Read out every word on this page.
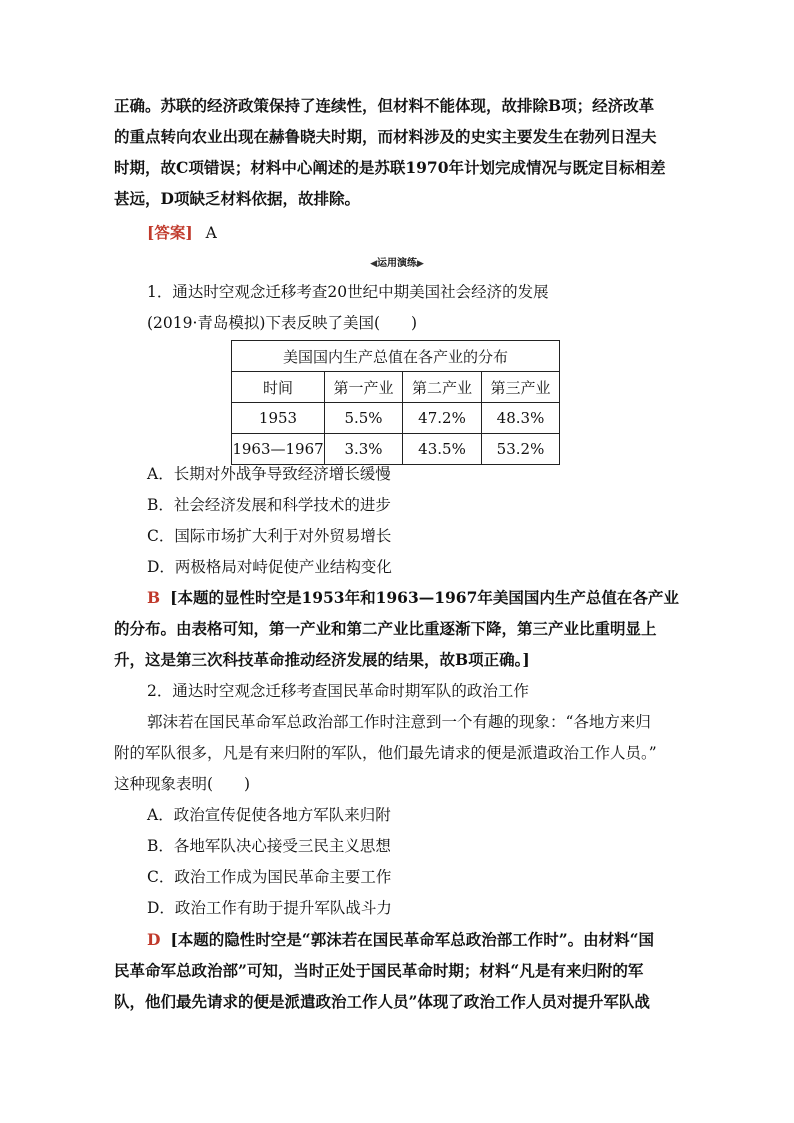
正确。苏联的经济政策保持了连续性，但材料不能体现，故排除B项；经济改革
的重点转向农业出现在赫鲁晓夫时期，而材料涉及的史实主要发生在勃列日涅夫
时期，故C项错误；材料中心阐述的是苏联1970年计划完成情况与既定目标相差
甚远，D项缺乏材料依据，故排除。
[答案] A
◀运用演练▶
1．通达时空观念迁移考查20世纪中期美国社会经济的发展
(2019·青岛模拟)下表反映了美国(　　)
美国国内生产总值在各产业的分布			
时间	第一产业	第二产业	第三产业
1953	5.5%	47.2%	48.3%
1963—1967	3.3%	43.5%	53.2%
A．长期对外战争导致经济增长缓慢
B．社会经济发展和科学技术的进步
C．国际市场扩大利于对外贸易增长
D．两极格局对峙促使产业结构变化
B [本题的显性时空是1953年和1963—1967年美国国内生产总值在各产业
的分布。由表格可知，第一产业和第二产业比重逐渐下降，第三产业比重明显上
升，这是第三次科技革命推动经济发展的结果，故B项正确。]
2．通达时空观念迁移考查国民革命时期军队的政治工作
郭沫若在国民革命军总政治部工作时注意到一个有趣的现象：“各地方来归
附的军队很多，凡是有来归附的军队，他们最先请求的便是派遣政治工作人员。”
这种现象表明(　　)
A．政治宣传促使各地方军队来归附
B．各地军队决心接受三民主义思想
C．政治工作成为国民革命主要工作
D．政治工作有助于提升军队战斗力
D [本题的隐性时空是“郭沫若在国民革命军总政治部工作时”。由材料“国
民革命军总政治部”可知，当时正处于国民革命时期；材料“凡是有来归附的军
队，他们最先请求的便是派遣政治工作人员”体现了政治工作人员对提升军队战
